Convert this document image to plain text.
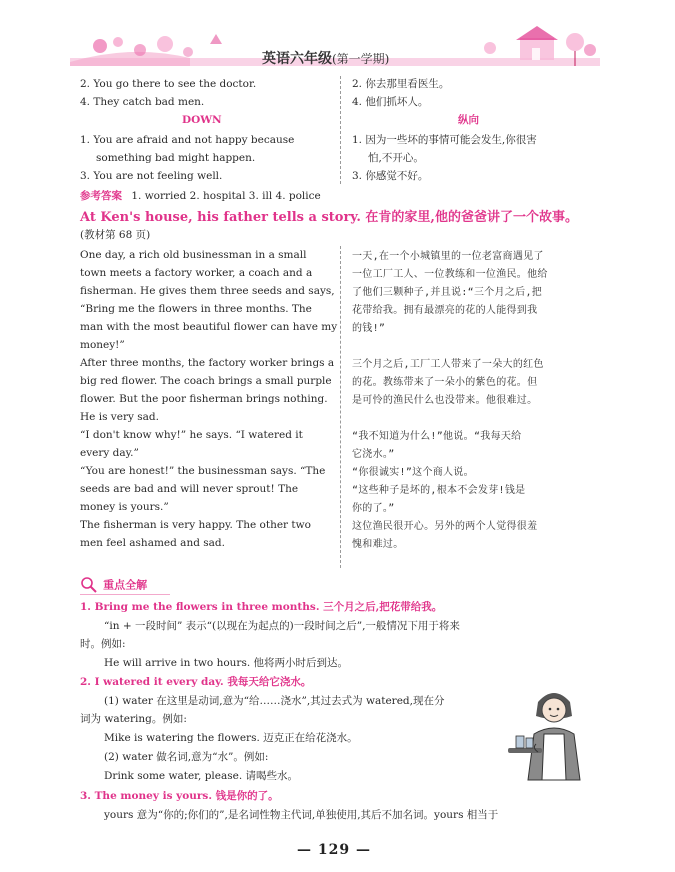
英语六年级(第一学期)
2. You go there to see the doctor.
4. They catch bad men.
2. 你去那里看医生。
4. 他们抓坏人。
DOWN	纵向
1. You are afraid and not happy because
something bad might happen.
3. You are not feeling well.
1. 因为一些坏的事情可能会发生,你很害
怕,不开心。
3. 你感觉不好。
参考答案 1. worried 2. hospital 3. ill 4. police
At Ken's house, his father tells a story. 在肯的家里,他的爸爸讲了一个故事。
(教材第 68 页)
One day, a rich old businessman in a small
town meets a factory worker, a coach and a
fisherman. He gives them three seeds and says,
“Bring me the flowers in three months. The
man with the most beautiful flower can have my
money!”
After three months, the factory worker brings a
big red flower. The coach brings a small purple
flower. But the poor fisherman brings nothing.
He is very sad.
“I don't know why!” he says. “I watered it
every day.”
“You are honest!” the businessman says. “The
seeds are bad and will never sprout! The
money is yours.”
The fisherman is very happy. The other two
men feel ashamed and sad.
一天,在一个小城镇里的一位老富商遇见了
一位工厂工人、一位教练和一位渔民。他给
了他们三颗种子,并且说:“三个月之后,把
花带给我。拥有最漂亮的花的人能得到我
的钱!”
三个月之后,工厂工人带来了一朵大的红色
的花。教练带来了一朵小的紫色的花。但
是可怜的渔民什么也没带来。他很难过。
“我不知道为什么!”他说。“我每天给
它浇水。”
“你很诚实!”这个商人说。
“这些种子是坏的,根本不会发芽!钱是
你的了。”
这位渔民很开心。另外的两个人觉得很羞
愧和难过。
重点全解
1. Bring me the flowers in three months. 三个月之后,把花带给我。
“in + 一段时间” 表示“(以现在为起点的)一段时间之后”,一般情况下用于将来
时。例如:
He will arrive in two hours. 他将两小时后到达。
2. I watered it every day. 我每天给它浇水。
(1) water 在这里是动词,意为“给……浇水”,其过去式为 watered,现在分
词为 watering。例如:
Mike is watering the flowers. 迈克正在给花浇水。
(2) water 做名词,意为“水”。例如:
Drink some water, please. 请喝些水。
3. The money is yours. 钱是你的了。
yours 意为“你的;你们的”,是名词性物主代词,单独使用,其后不加名词。yours 相当于
— 129 —
